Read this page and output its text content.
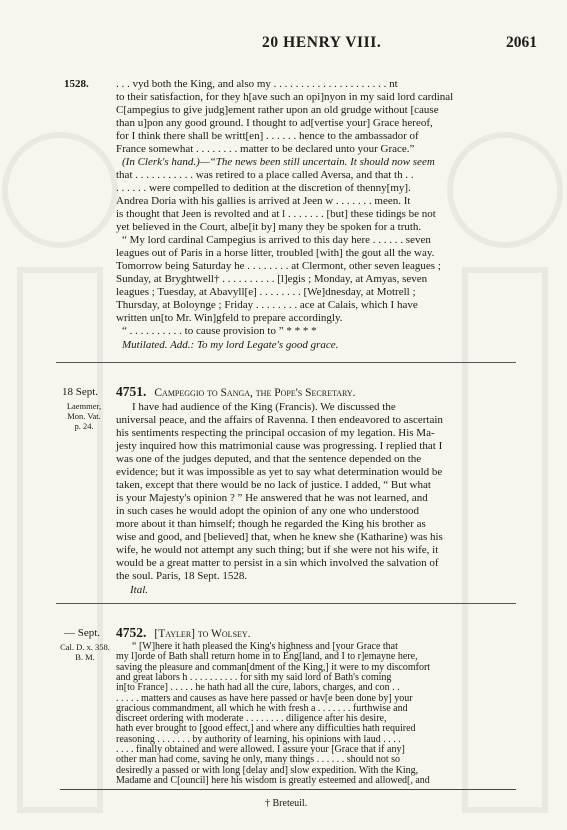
20 HENRY VIII.	2061
1528. . . . vyd both the King, and also my . . . . . . . . . . . . . . . . . . . . . nt
to their satisfaction, for they h[ave such an opi]nyon in my said lord cardinal
C[ampegius to give judg]ement rather upon an old grudge without [cause
than u]pon any good ground. I thought to ad[vertise your] Grace hereof,
for I think there shall be writt[en] . . . . . . hence to the ambassador of
France somewhat . . . . . . . . matter to be declared unto your Grace.”
(In Clerk's hand.)—“The news been still uncertain. It should now seem
that . . . . . . . . . . . was retired to a place called Aversa, and that th . .
. . . . . . were compelled to dedition at the discretion of thenny[my].
Andrea Doria with his gallies is arrived at Jeen w . . . . . . . meen. It
is thought that Jeen is revolted and at l . . . . . . . [but] these tidings be not
yet believed in the Court, albe[it by] many they be spoken for a truth.
“ My lord cardinal Campegius is arrived to this day here . . . . . . seven
leagues out of Paris in a horse litter, troubled [with] the gout all the way.
Tomorrow being Saturday he . . . . . . . . at Clermont, other seven leagues ;
Sunday, at Bryghtwell† . . . . . . . . . . [l]egis ; Monday, at Amyas, seven
leagues ; Tuesday, at Abavyll[e] . . . . . . . . [We]dnesday, at Motrell ;
Thursday, at Boloynge ; Friday . . . . . . . . ace at Calais, which I have
written un[to Mr. Win]gfeld to prepare accordingly.
“ . . . . . . . . . . to cause provision to ” * * * *
Mutilated. Add.: To my lord Legate's good grace.
18 Sept.
Laemmer,
Mon. Vat.
p. 24.
4751. Campeggio to Sanga, the Pope's Secretary.
I have had audience of the King (Francis). We discussed the
universal peace, and the affairs of Ravenna. I then endeavored to ascertain
his sentiments respecting the principal occasion of my legation. His Ma-
jesty inquired how this matrimonial cause was progressing. I replied that I
was one of the judges deputed, and that the sentence depended on the
evidence; but it was impossible as yet to say what determination would be
taken, except that there would be no lack of justice. I added, “ But what
is your Majesty's opinion ? ” He answered that he was not learned, and
in such cases he would adopt the opinion of any one who understood
more about it than himself; though he regarded the King his brother as
wise and good, and [believed] that, when he knew she (Katharine) was his
wife, he would not attempt any such thing; but if she were not his wife, it
would be a great matter to persist in a sin which involved the salvation of
the soul. Paris, 18 Sept. 1528.
Ital.
— Sept.
Cal. D. x. 358.
B. M.
4752. [Tayler] to Wolsey.
“ [W]here it hath pleased the King's highness and [your Grace that
my l]orde of Bath shall return home in to Eng[land, and I to r]emayne here,
saving the pleasure and comman[dment of the King,] it were to my discomfort
and great labors h . . . . . . . . . . for sith my said lord of Bath's coming
in[to France] . . . . . he hath had all the cure, labors, charges, and con . .
. . . . . matters and causes as have here passed or hav[e been done by] your
gracious commandment, all which he with fresh a . . . . . . . furthwise and
discreet ordering with moderate . . . . . . . . diligence after his desire,
hath ever brought to [good effect,] and where any difficulties hath required
reasoning . . . . . . . by authority of learning, his opinions with laud . . . .
. . . . finally obtained and were allowed. I assure your [Grace that if any]
other man had come, saving he only, many things . . . . . . should not so
desiredly a passed or with long [delay and] slow expedition. With the King,
Madame and C[ouncil] here his wisdom is greatly esteemed and allowed[, and
† Breteuil.
